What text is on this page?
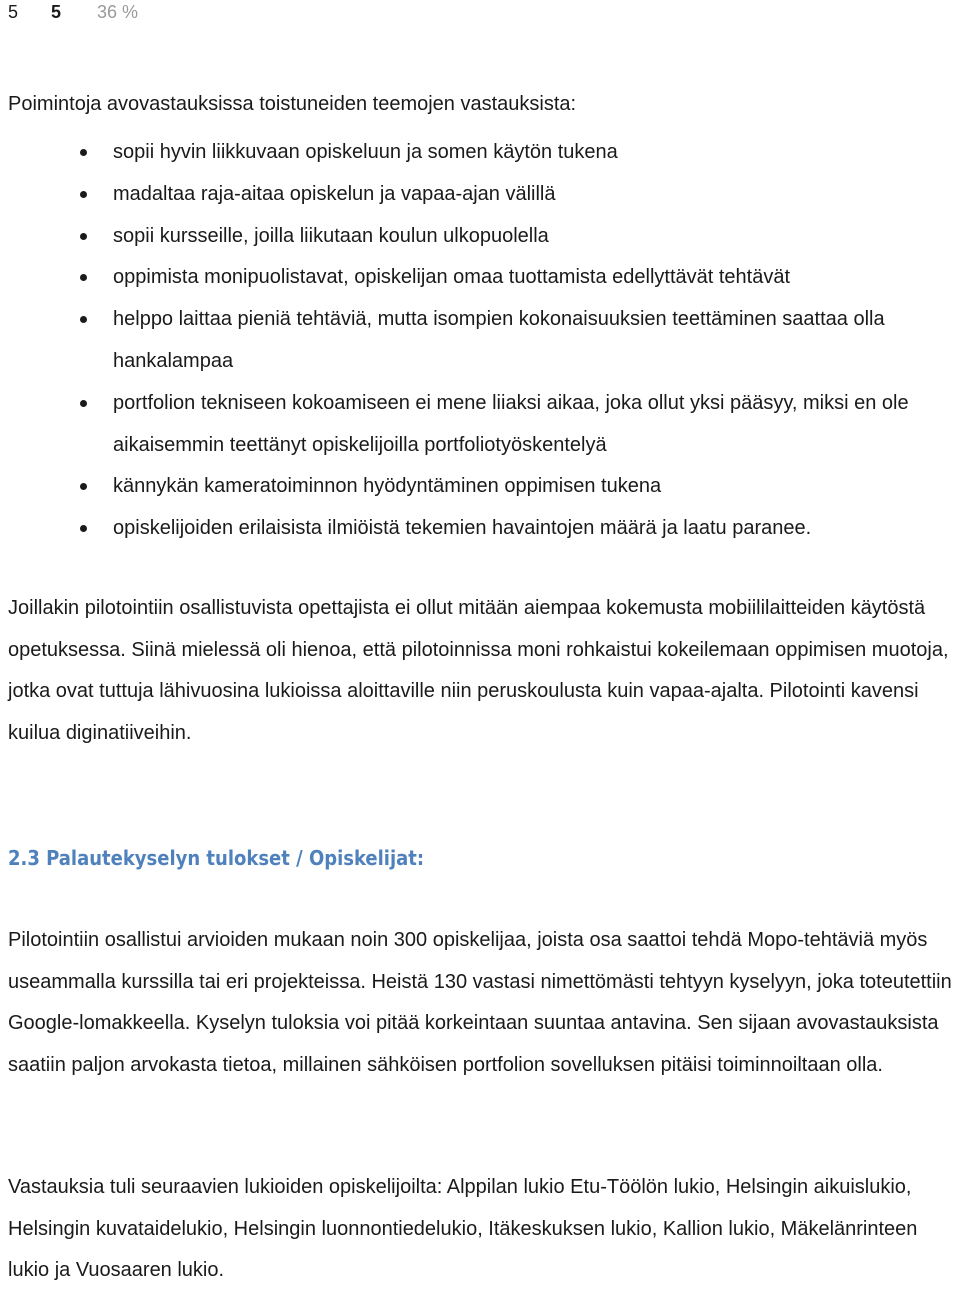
5 5 36 %
Poimintoja avovastauksissa toistuneiden teemojen vastauksista:
sopii hyvin liikkuvaan opiskeluun ja somen käytön tukena
madaltaa raja-aitaa opiskelun ja vapaa-ajan välillä
sopii kursseille, joilla liikutaan koulun ulkopuolella
oppimista monipuolistavat, opiskelijan omaa tuottamista edellyttävät tehtävät
helppo laittaa pieniä tehtäviä, mutta isompien kokonaisuuksien teettäminen saattaa olla hankalampaa
portfolion tekniseen kokoamiseen ei mene liiaksi aikaa, joka ollut yksi pääsyy, miksi en ole aikaisemmin teettänyt opiskelijoilla portfoliotyöskentelyä
kännykän kameratoiminnon hyödyntäminen oppimisen tukena
opiskelijoiden erilaisista ilmiöistä tekemien havaintojen määrä ja laatu paranee.
Joillakin pilotointiin osallistuvista opettajista ei ollut mitään aiempaa kokemusta mobiililaitteiden käytöstä opetuksessa. Siinä mielessä oli hienoa, että pilotoinnissa moni rohkaistui kokeilemaan oppimisen muotoja, jotka ovat tuttuja lähivuosina lukioissa aloittaville niin peruskoulusta kuin vapaa-ajalta. Pilotointi kavensi kuilua diginatiiveihin.
2.3 Palautekyselyn tulokset / Opiskelijat:
Pilotointiin osallistui arvioiden mukaan noin 300 opiskelijaa, joista osa saattoi tehdä Mopo-tehtäviä myös useammalla kurssilla tai eri projekteissa. Heistä 130 vastasi nimettömästi tehtyyn kyselyyn, joka toteutettiin Google-lomakkeella. Kyselyn tuloksia voi pitää korkeintaan suuntaa antavina. Sen sijaan avovastauksista saatiin paljon arvokasta tietoa, millainen sähköisen portfolion sovelluksen pitäisi toiminnoiltaan olla.
Vastauksia tuli seuraavien lukioiden opiskelijoilta: Alppilan lukio Etu-Töölön lukio, Helsingin aikuislukio, Helsingin kuvataidelukio, Helsingin luonnontiedelukio, Itäkeskuksen lukio, Kallion lukio, Mäkelänrinteen lukio ja Vuosaaren lukio.
